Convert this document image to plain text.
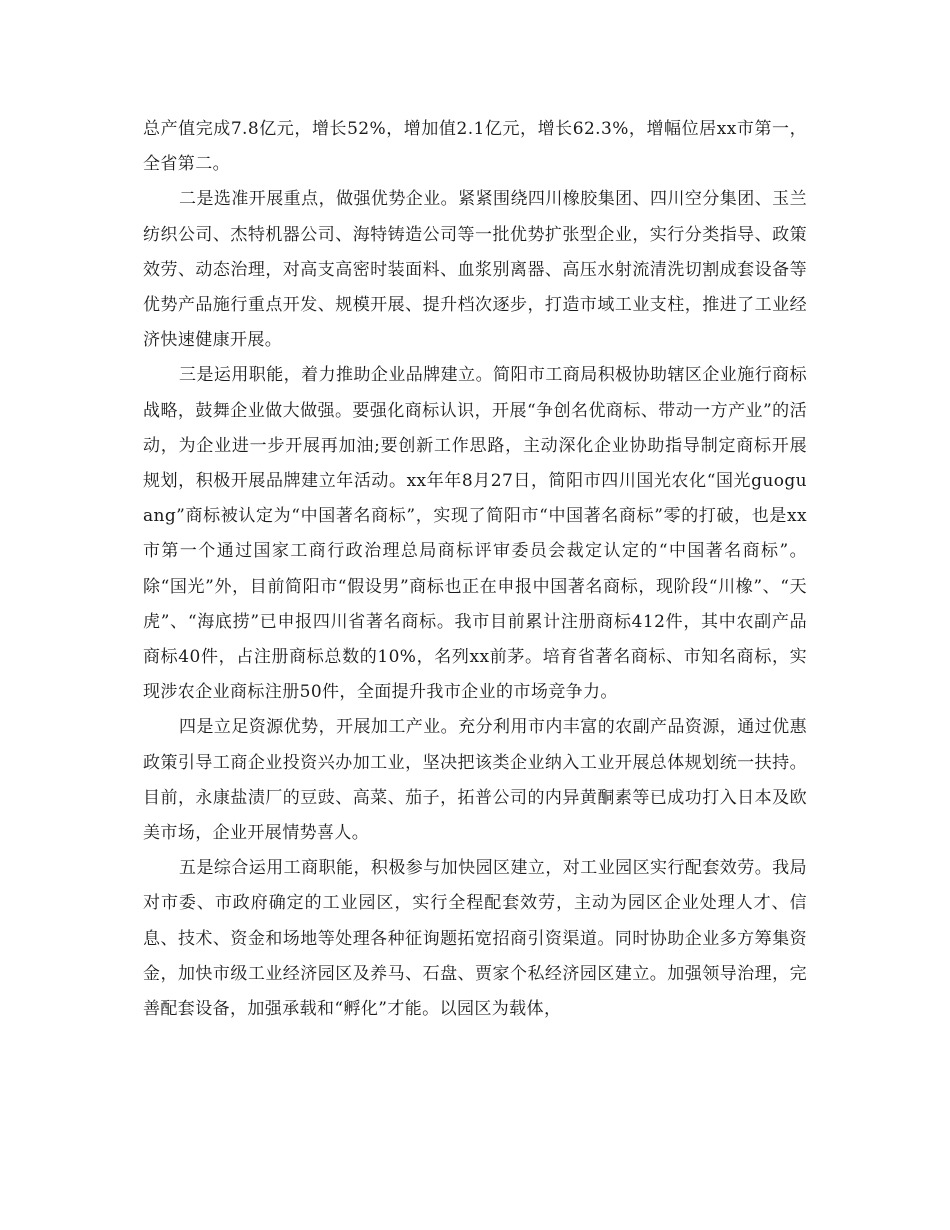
总产值完成7.8亿元，增长52%，增加值2.1亿元，增长62.3%，增幅位居xx市第一，全省第二。

二是选准开展重点，做强优势企业。紧紧围绕四川橡胶集团、四川空分集团、玉兰纺织公司、杰特机器公司、海特铸造公司等一批优势扩张型企业，实行分类指导、政策效劳、动态治理，对高支高密时装面料、血浆别离器、高压水射流清洗切割成套设备等优势产品施行重点开发、规模开展、提升档次逐步，打造市域工业支柱，推进了工业经济快速健康开展。

三是运用职能，着力推助企业品牌建立。简阳市工商局积极协助辖区企业施行商标战略，鼓舞企业做大做强。要强化商标认识，开展“争创名优商标、带动一方产业”的活动，为企业进一步开展再加油;要创新工作思路，主动深化企业协助指导制定商标开展规划，积极开展品牌建立年活动。xx年年8月27日，简阳市四川国光农化“国光guoguang”商标被认定为“中国著名商标”，实现了简阳市“中国著名商标”零的打破，也是xx市第一个通过国家工商行政治理总局商标评审委员会裁定认定的“中国著名商标”。除“国光”外，目前简阳市“假设男”商标也正在申报中国著名商标，现阶段“川橡”、“天虎”、“海底捞”已申报四川省著名商标。我市目前累计注册商标412件，其中农副产品商标40件，占注册商标总数的10%，名列xx前茅。培育省著名商标、市知名商标，实现涉农企业商标注册50件，全面提升我市企业的市场竞争力。

四是立足资源优势，开展加工产业。充分利用市内丰富的农副产品资源，通过优惠政策引导工商企业投资兴办加工业，坚决把该类企业纳入工业开展总体规划统一扶持。目前，永康盐渍厂的豆豉、高菜、茄子，拓普公司的内异黄酮素等已成功打入日本及欧美市场，企业开展情势喜人。

五是综合运用工商职能，积极参与加快园区建立，对工业园区实行配套效劳。我局对市委、市政府确定的工业园区，实行全程配套效劳，主动为园区企业处理人才、信息、技术、资金和场地等处理各种征询题拓宽招商引资渠道。同时协助企业多方筹集资金，加快市级工业经济园区及养马、石盘、贾家个私经济园区建立。加强领导治理，完善配套设备，加强承载和“孵化”才能。以园区为载体，
